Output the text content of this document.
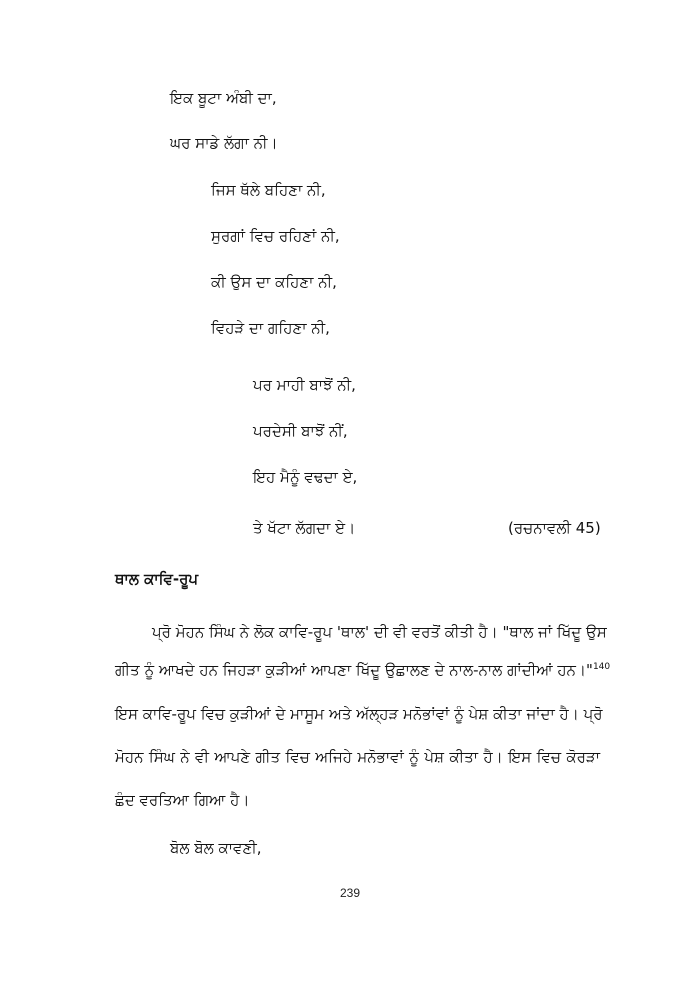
ਇਕ ਬੂਟਾ ਅੰਬੀ ਦਾ,
ਘਰ ਸਾਡੇ ਲੱਗਾ ਨੀ।
ਜਿਸ ਥੱਲੇ ਬਹਿਣਾ ਨੀ,
ਸੁਰਗਾਂ ਵਿਚ ਰਹਿਣਾਂ ਨੀ,
ਕੀ ਉਸ ਦਾ ਕਹਿਣਾ ਨੀ,
ਵਿਹੜੇ ਦਾ ਗਹਿਣਾ ਨੀ,
ਪਰ ਮਾਹੀ ਬਾਝੋਂ ਨੀ,
ਪਰਦੇਸੀ ਬਾਝੋਂ ਨੀਂ,
ਇਹ ਮੈਨੂੰ ਵਢਦਾ ਏ,
ਤੇ ਖੱਟਾ ਲੱਗਦਾ ਏ।	(ਰਚਨਾਵਲੀ 45)
ਥਾਲ ਕਾਵਿ-ਰੂਪ
ਪ੍ਰੋ ਮੋਹਨ ਸਿੰਘ ਨੇ ਲੋਕ ਕਾਵਿ-ਰੂਪ 'ਥਾਲ' ਦੀ ਵੀ ਵਰਤੋਂ ਕੀਤੀ ਹੈ। "ਥਾਲ ਜਾਂ ਖਿੱਦੂ ਉਸ
ਗੀਤ ਨੂੰ ਆਖਦੇ ਹਨ ਜਿਹੜਾ ਕੁੜੀਆਂ ਆਪਣਾ ਖਿੱਦੂ ਉਛਾਲਣ ਦੇ ਨਾਲ-ਨਾਲ ਗਾਂਦੀਆਂ ਹਨ।"$^{140}$
ਇਸ ਕਾਵਿ-ਰੂਪ ਵਿਚ ਕੁੜੀਆਂ ਦੇ ਮਾਸੂਮ ਅਤੇ ਅੱਲ੍ਹੜ ਮਨੋਭਾਂਵਾਂ ਨੂੰ ਪੇਸ਼ ਕੀਤਾ ਜਾਂਦਾ ਹੈ। ਪ੍ਰੋ
ਮੋਹਨ ਸਿੰਘ ਨੇ ਵੀ ਆਪਣੇ ਗੀਤ ਵਿਚ ਅਜਿਹੇ ਮਨੋਭਾਵਾਂ ਨੂੰ ਪੇਸ਼ ਕੀਤਾ ਹੈ। ਇਸ ਵਿਚ ਕੋਰੜਾ
ਛੰਦ ਵਰਤਿਆ ਗਿਆ ਹੈ।
ਬੋਲ ਬੋਲ ਕਾਵਣੀ,
239
